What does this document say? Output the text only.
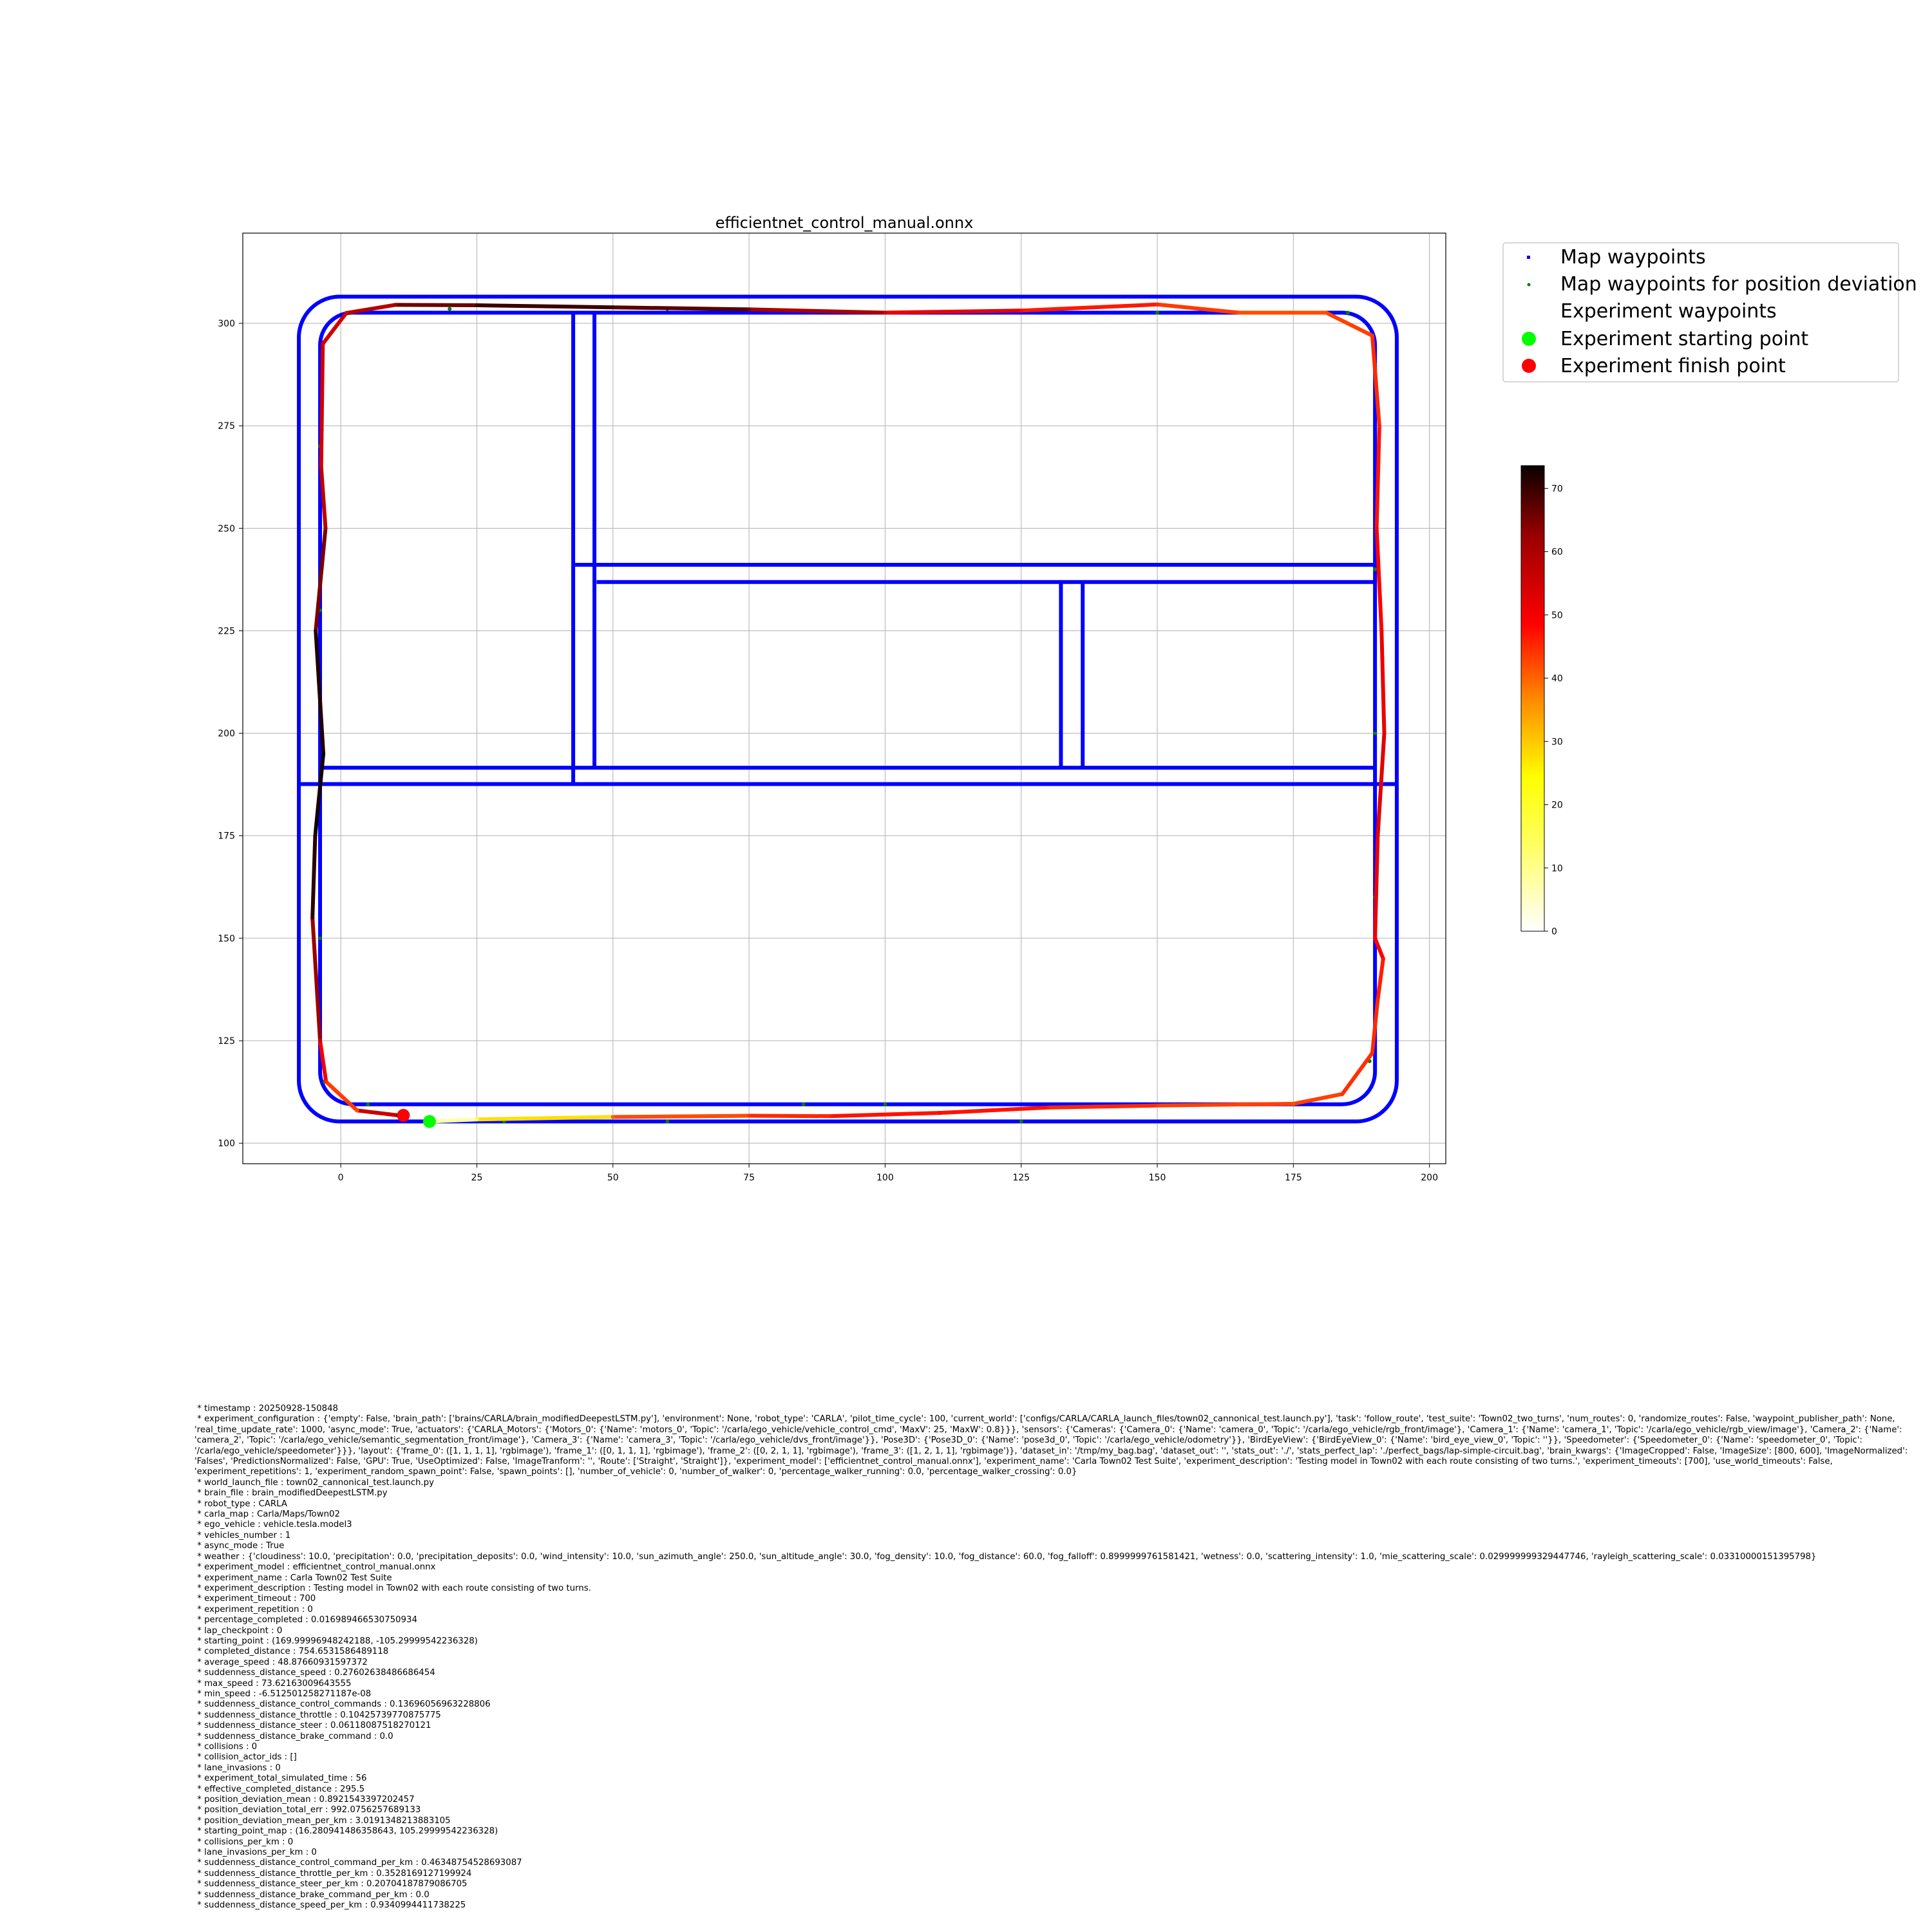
efficientnet_control_manual.onnx
0	25	50	75	100	125	150	175	200
100
125
150
175
200
225
250
275
300
Map waypoints
Map waypoints for position deviation
Experiment waypoints
Experiment starting point
Experiment finish point
0
10
20
30
40
50
60
70
* timestamp : 20250928-150848
* experiment_configuration : {'empty': False, 'brain_path': ['brains/CARLA/brain_modifiedDeepestLSTM.py'], 'environment': None, 'robot_type': 'CARLA', 'pilot_time_cycle': 100, 'current_world': ['configs/CARLA/CARLA_launch_files/town02_cannonical_test.launch.py'], 'task': 'follow_route', 'test_suite': 'Town02_two_turns', 'num_routes': 0, 'randomize_routes': False, 'waypoint_publisher_path': None, 'real_time_update_rate': 1000, 'async_mode': True, 'actuators': {'CARLA_Motors': {'Motors_0': {'Name': 'motors_0', 'Topic': '/carla/ego_vehicle/vehicle_control_cmd', 'MaxV': 25, 'MaxW': 0.8}}}, 'sensors': {'Cameras': {'Camera_0': {'Name': 'camera_0', 'Topic': '/carla/ego_vehicle/rgb_front/image'}, 'Camera_1': {'Name': 'camera_1', 'Topic': '/carla/ego_vehicle/rgb_view/image'}, 'Camera_2': {'Name': 'camera_2', 'Topic': '/carla/ego_vehicle/semantic_segmentation_front/image'}, 'Camera_3': {'Name': 'camera_3', 'Topic': '/carla/ego_vehicle/dvs_front/image'}}, 'Pose3D': {'Pose3D_0': {'Name': 'pose3d_0', 'Topic': '/carla/ego_vehicle/odometry'}}, 'BirdEyeView': {'BirdEyeView_0': {'Name': 'bird_eye_view_0', 'Topic': ''}}, 'Speedometer': {'Speedometer_0': {'Name': 'speedometer_0', 'Topic': '/carla/ego_vehicle/speedometer'}}}, 'layout': {'frame_0': ([1, 1, 1, 1], 'rgbimage'), 'frame_1': ([0, 1, 1, 1], 'rgbimage'), 'frame_2': ([0, 2, 1, 1], 'rgbimage'), 'frame_3': ([1, 2, 1, 1], 'rgbimage')}, 'dataset_in': '/tmp/my_bag.bag', 'dataset_out': '', 'stats_out': './', 'stats_perfect_lap': './perfect_bags/lap-simple-circuit.bag', 'brain_kwargs': {'ImageCropped': False, 'ImageSize': [800, 600], 'ImageNormalized': 'Falses', 'PredictionsNormalized': False, 'GPU': True, 'UseOptimized': False, 'ImageTranform': '', 'Route': ['Straight', 'Straight']}, 'experiment_model': ['efficientnet_control_manual.onnx'], 'experiment_name': 'Carla Town02 Test Suite', 'experiment_description': 'Testing model in Town02 with each route consisting of two turns.', 'experiment_timeouts': [700], 'use_world_timeouts': False, 'experiment_repetitions': 1, 'experiment_random_spawn_point': False, 'spawn_points': [], 'number_of_vehicle': 0, 'number_of_walker': 0, 'percentage_walker_running': 0.0, 'percentage_walker_crossing': 0.0}
* world_launch_file : town02_cannonical_test.launch.py
* brain_file : brain_modifiedDeepestLSTM.py
* robot_type : CARLA
* carla_map : Carla/Maps/Town02
* ego_vehicle : vehicle.tesla.model3
* vehicles_number : 1
* async_mode : True
* weather : {'cloudiness': 10.0, 'precipitation': 0.0, 'precipitation_deposits': 0.0, 'wind_intensity': 10.0, 'sun_azimuth_angle': 250.0, 'sun_altitude_angle': 30.0, 'fog_density': 10.0, 'fog_distance': 60.0, 'fog_falloff': 0.8999999761581421, 'wetness': 0.0, 'scattering_intensity': 1.0, 'mie_scattering_scale': 0.029999999329447746, 'rayleigh_scattering_scale': 0.03310000151395798}
* experiment_model : efficientnet_control_manual.onnx
* experiment_name : Carla Town02 Test Suite
* experiment_description : Testing model in Town02 with each route consisting of two turns.
* experiment_timeout : 700
* experiment_repetition : 0
* percentage_completed : 0.016989466530750934
* lap_checkpoint : 0
* starting_point : (169.99996948242188, -105.29999542236328)
* completed_distance : 754.6531586489118
* average_speed : 48.87660931597372
* suddenness_distance_speed : 0.27602638486686454
* max_speed : 73.62163009643555
* min_speed : -6.512501258271187e-08
* suddenness_distance_control_commands : 0.13696056963228806
* suddenness_distance_throttle : 0.10425739770875775
* suddenness_distance_steer : 0.06118087518270121
* suddenness_distance_brake_command : 0.0
* collisions : 0
* collision_actor_ids : []
* lane_invasions : 0
* experiment_total_simulated_time : 56
* effective_completed_distance : 295.5
* position_deviation_mean : 0.8921543397202457
* position_deviation_total_err : 992.0756257689133
* position_deviation_mean_per_km : 3.0191348213883105
* starting_point_map : (16.280941486358643, 105.29999542236328)
* collisions_per_km : 0
* lane_invasions_per_km : 0
* suddenness_distance_control_command_per_km : 0.46348754528693087
* suddenness_distance_throttle_per_km : 0.3528169127199924
* suddenness_distance_steer_per_km : 0.20704187879086705
* suddenness_distance_brake_command_per_km : 0.0
* suddenness_distance_speed_per_km : 0.9340994411738225
